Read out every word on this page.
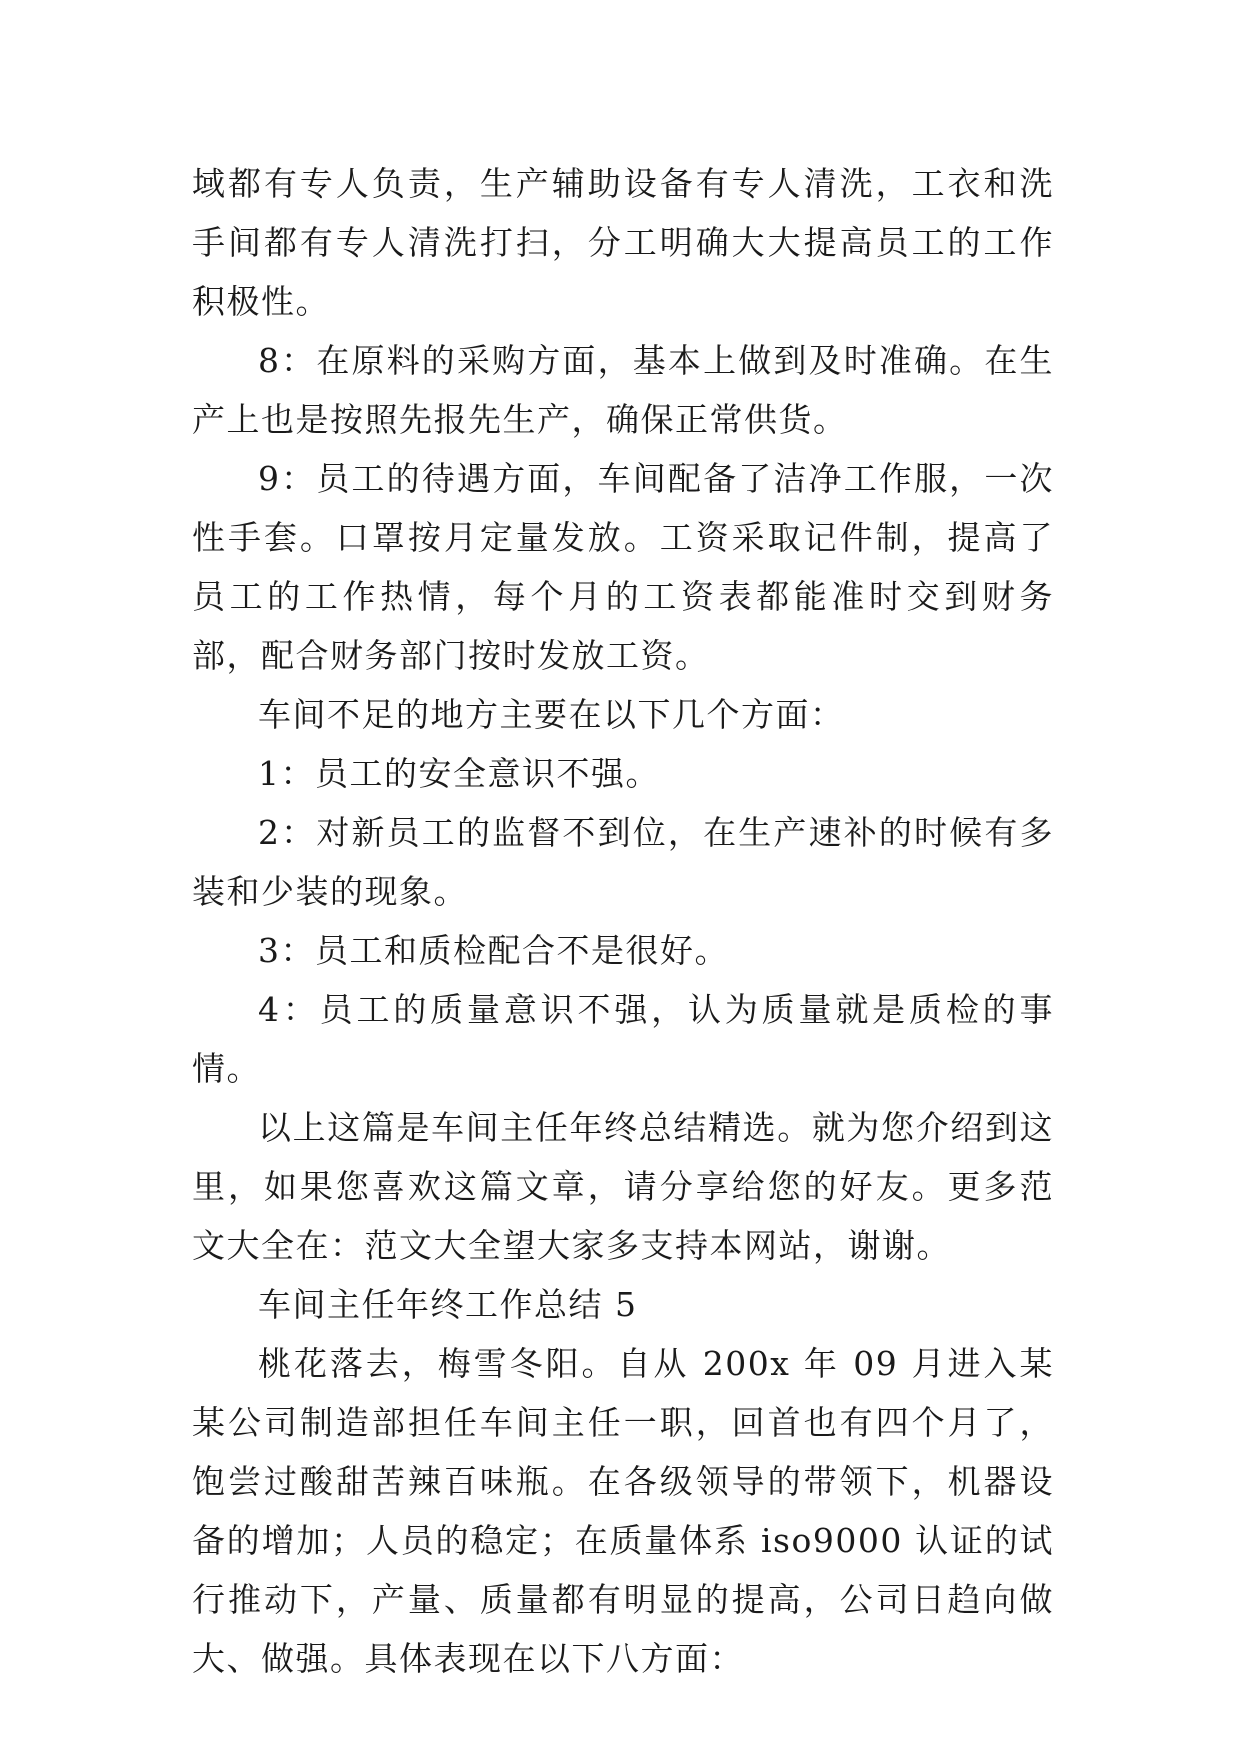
域都有专人负责，生产辅助设备有专人清洗，工衣和洗手间都有专人清洗打扫，分工明确大大提高员工的工作积极性。

8：在原料的采购方面，基本上做到及时准确。在生产上也是按照先报先生产，确保正常供货。

9：员工的待遇方面，车间配备了洁净工作服，一次性手套。口罩按月定量发放。工资采取记件制，提高了员工的工作热情，每个月的工资表都能准时交到财务部，配合财务部门按时发放工资。

车间不足的地方主要在以下几个方面：

1：员工的安全意识不强。

2：对新员工的监督不到位，在生产速补的时候有多装和少装的现象。

3：员工和质检配合不是很好。

4：员工的质量意识不强，认为质量就是质检的事情。

以上这篇是车间主任年终总结精选。就为您介绍到这里，如果您喜欢这篇文章，请分享给您的好友。更多范文大全在：范文大全望大家多支持本网站，谢谢。

车间主任年终工作总结 5

桃花落去，梅雪冬阳。自从 200x 年 09 月进入某某公司制造部担任车间主任一职，回首也有四个月了，饱尝过酸甜苦辣百味瓶。在各级领导的带领下，机器设备的增加；人员的稳定；在质量体系 iso9000 认证的试行推动下，产量、质量都有明显的提高，公司日趋向做大、做强。具体表现在以下八方面：
